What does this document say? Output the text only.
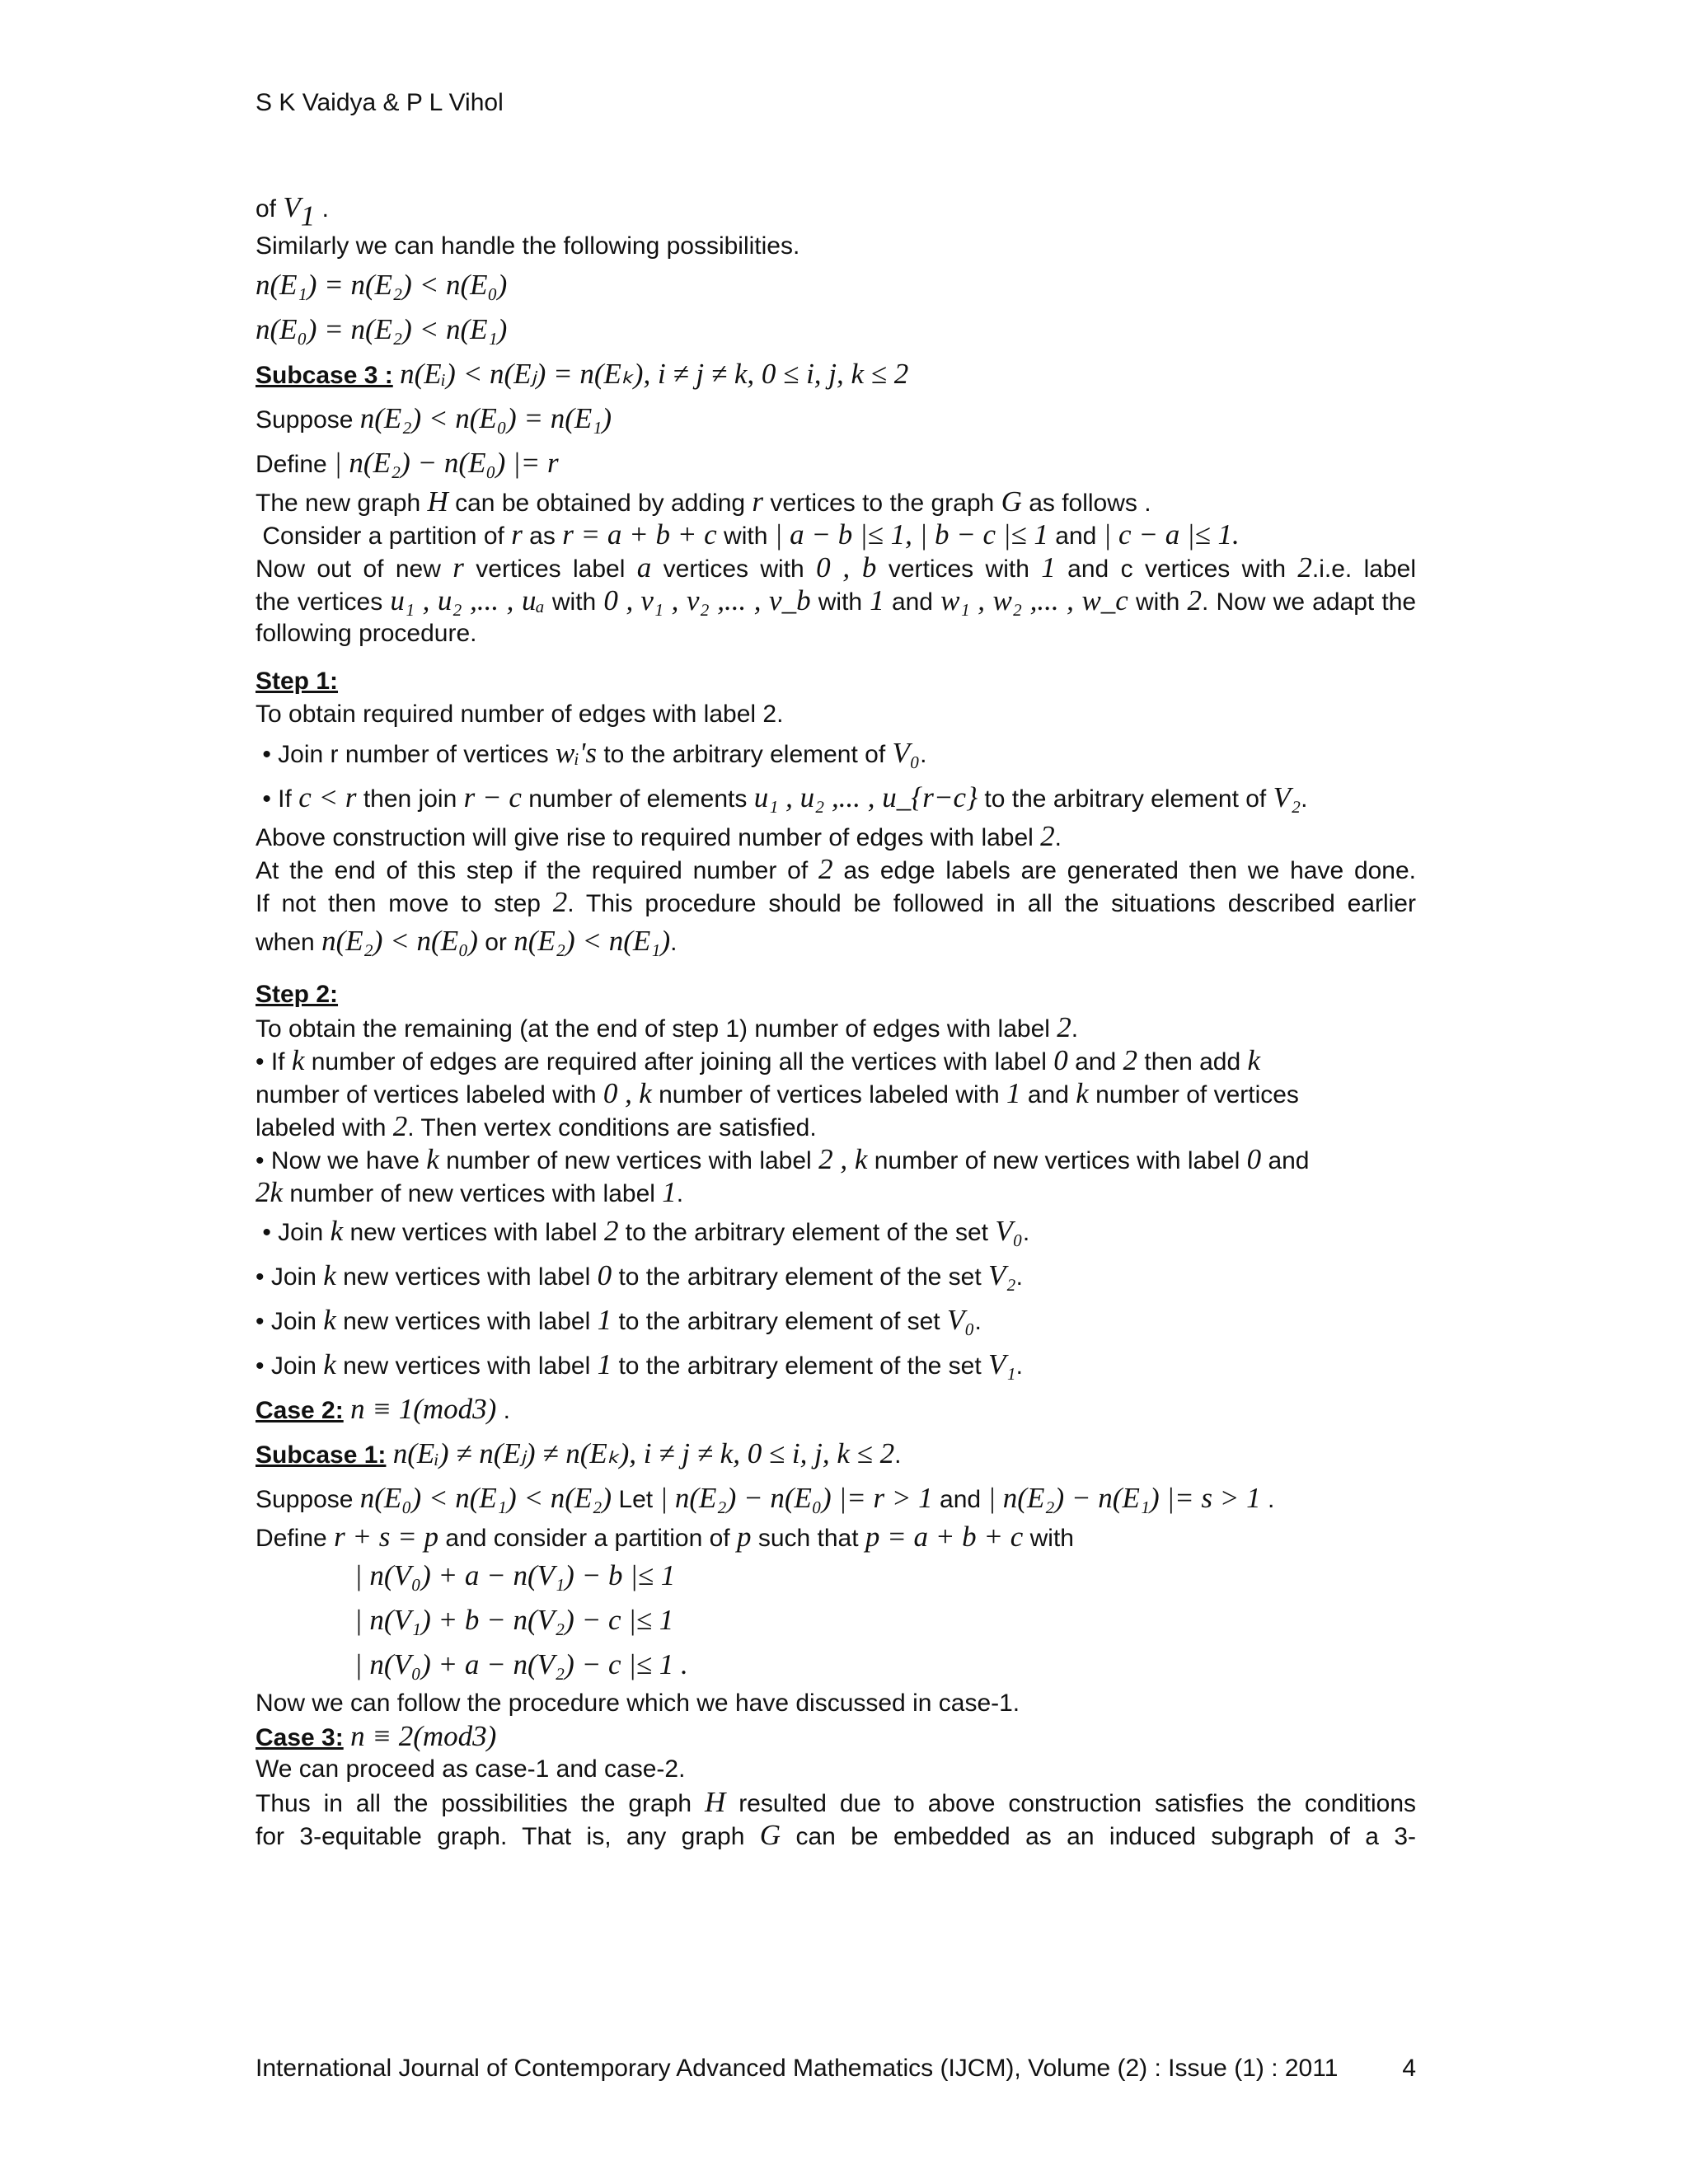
S K Vaidya & P L Vihol
of $V_1$ .
Similarly we can handle the following possibilities.
n(E₁) = n(E₂) < n(E₀)
n(E₀) = n(E₂) < n(E₁)
Subcase 3 : n(Eᵢ) < n(Eⱼ) = n(Eₖ), i ≠ j ≠ k, 0 ≤ i, j, k ≤ 2
Suppose n(E₂) < n(E₀) = n(E₁)
Define | n(E₂) − n(E₀) |= r
The new graph H can be obtained by adding r vertices to the graph G as follows .
Consider a partition of r as r = a + b + c with | a − b |≤ 1, | b − c |≤ 1 and | c − a |≤ 1.
Now out of new r vertices label a vertices with 0 , b vertices with 1 and c vertices with 2.i.e. label
the vertices u₁ , u₂ ,... , uₐ with 0 , v₁ , v₂ ,... , v_b with 1 and w₁ , w₂ ,... , w_c with 2. Now we adapt the
following procedure.
Step 1:
To obtain required number of edges with label 2.
• Join r number of vertices wᵢ's to the arbitrary element of V₀.
• If c < r then join r − c number of elements u₁ , u₂ ,... , u_{r−c} to the arbitrary element of V₂.
Above construction will give rise to required number of edges with label 2.
At the end of this step if the required number of 2 as edge labels are generated then we have done.
If not then move to step 2. This procedure should be followed in all the situations described earlier
when n(E₂) < n(E₀) or n(E₂) < n(E₁).
Step 2:
To obtain the remaining (at the end of step 1) number of edges with label 2.
• If k number of edges are required after joining all the vertices with label 0 and 2 then add k
number of vertices labeled with 0 , k number of vertices labeled with 1 and k number of vertices
labeled with 2. Then vertex conditions are satisfied.
• Now we have k number of new vertices with label 2 , k number of new vertices with label 0 and
2k number of new vertices with label 1.
• Join k new vertices with label 2 to the arbitrary element of the set V₀.
• Join k new vertices with label 0 to the arbitrary element of the set V₂.
• Join k new vertices with label 1 to the arbitrary element of set V₀.
• Join k new vertices with label 1 to the arbitrary element of the set V₁.
Case 2: n ≡ 1(mod3) .
Subcase 1: n(Eᵢ) ≠ n(Eⱼ) ≠ n(Eₖ), i ≠ j ≠ k, 0 ≤ i, j, k ≤ 2.
Suppose n(E₀) < n(E₁) < n(E₂) Let | n(E₂) − n(E₀) |= r > 1 and | n(E₂) − n(E₁) |= s > 1 .
Define r + s = p and consider a partition of p such that p = a + b + c with
| n(V₀) + a − n(V₁) − b |≤ 1
| n(V₁) + b − n(V₂) − c |≤ 1
| n(V₀) + a − n(V₂) − c |≤ 1 .
Now we can follow the procedure which we have discussed in case-1.
Case 3: n ≡ 2(mod3)
We can proceed as case-1 and case-2.
Thus in all the possibilities the graph H resulted due to above construction satisfies the conditions
for 3-equitable graph. That is, any graph G can be embedded as an induced subgraph of a 3-
International Journal of Contemporary Advanced Mathematics (IJCM), Volume (2) : Issue (1) : 2011	4
